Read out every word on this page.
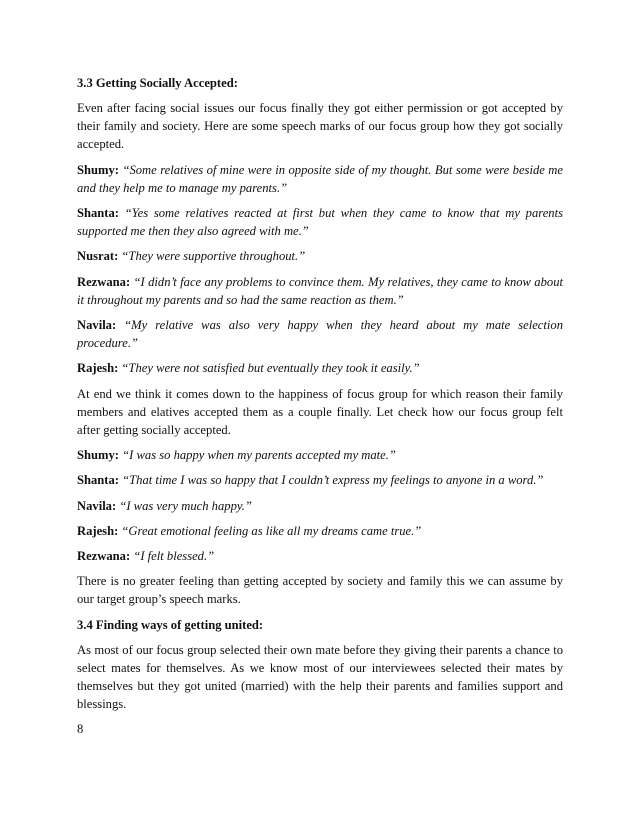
3.3 Getting Socially Accepted:

Even after facing social issues our focus finally they got either permission or got accepted by their family and society. Here are some speech marks of our focus group how they got socially accepted.

Shumy: “Some relatives of mine were in opposite side of my thought. But some were beside me and they help me to manage my parents.”

Shanta: “Yes some relatives reacted at first but when they came to know that my parents supported me then they also agreed with me.”

Nusrat: “They were supportive throughout.”

Rezwana: “I didn’t face any problems to convince them. My relatives, they came to know about it throughout my parents and so had the same reaction as them.”

Navila: “My relative was also very happy when they heard about my mate selection procedure.”

Rajesh: “They were not satisfied but eventually they took it easily.”

At end we think it comes down to the happiness of focus group for which reason their family members and elatives accepted them as a couple finally. Let check how our focus group felt after getting socially accepted.

Shumy: “I was so happy when my parents accepted my mate.”

Shanta: “That time I was so happy that I couldn’t express my feelings to anyone in a word.”

Navila: “I was very much happy.”

Rajesh: “Great emotional feeling as like all my dreams came true.”

Rezwana: “I felt blessed.”

There is no greater feeling than getting accepted by society and family this we can assume by our target group’s speech marks.

3.4 Finding ways of getting united:

As most of our focus group selected their own mate before they giving their parents a chance to select mates for themselves. As we know most of our interviewees selected their mates by themselves but they got united (married) with the help their parents and families support and blessings.

8
